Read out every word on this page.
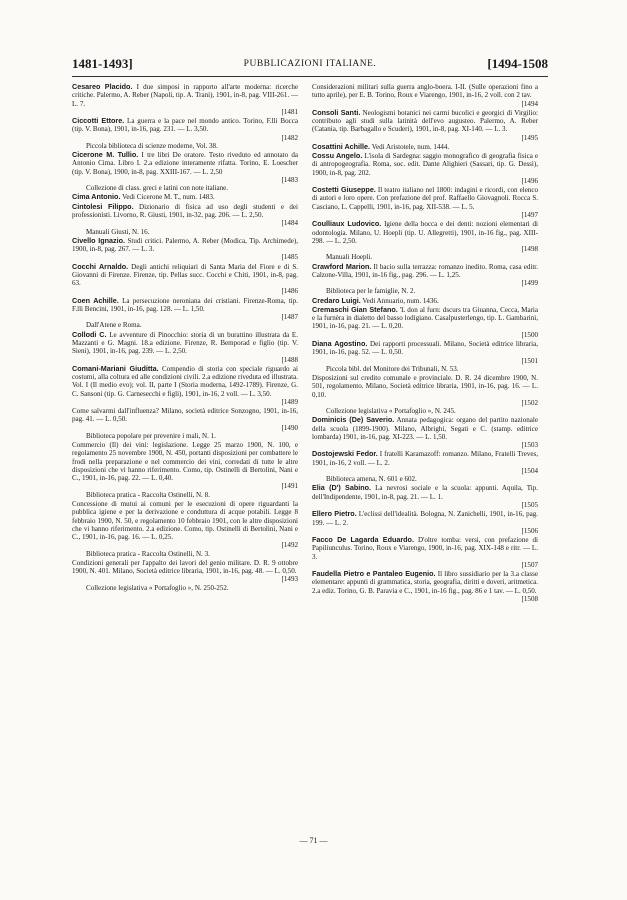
1481-1493]	PUBBLICAZIONI ITALIANE.	[1494-1508
Cesareo Placido. I due simposi in rapporto all'arte moderna: ricerche critiche. Palermo, A. Reber (Napoli, tip. A. Trani), 1901, in-8, pag. VIII-261. — L. 7.
[1481
Ciccotti Ettore. La guerra e la pace nel mondo antico. Torino, F.lli Bocca (tip. V. Bona), 1901, in-16, pag. 231. — L. 3,50.
[1482
Piccola biblioteca di scienze moderne, Vol. 38.
Cicerone M. Tullio. I tre libri De oratore. Testo riveduto ed annotato da Antonio Cima. Libro I. 2.a edizione interamente rifatta. Torino, E. Loescher (tip. V. Bona), 1900, in-8, pag. XXIII-167. — L. 2,50
[1483
Collezione di class. greci e latini con note italiane.
Cima Antonio. Vedi Cicerone M. T., num. 1483.
Cintolesi Filippo. Dizionario di fisica ad uso degli studenti e dei professionisti. Livorno, R. Giusti, 1901, in-32, pag. 206. — L. 2,50.
[1484
Manuali Giusti, N. 16.
Civello Ignazio. Studi critici. Palermo, A. Reber (Modica, Tip. Archimede), 1900, in-8, pag. 267. — L. 3.
[1485
Cocchi Arnaldo. Degli antichi reliquiari di Santa Maria del Fiore e di S. Giovanni di Firenze. Firenze, tip. Pellas succ. Cocchi e Chiti, 1901, in-8, pag. 63.
[1486
Coen Achille. La persecuzione neroniana dei cristiani. Firenze-Roma, tip. F.lli Bencini, 1901, in-16, pag. 128. — L. 1,50.
[1487
Dall'Atene e Roma.
Collodi C. Le avventure di Pinocchio: storia di un burattino illustrata da E. Mazzanti e G. Magni. 18.a edizione. Firenze, R. Bemporad e figlio (tip. V. Sieni), 1901, in-16, pag. 239. — L. 2,50.
[1488
Comani-Mariani Giuditta. Compendio di storia con speciale riguardo ai costumi, alla coltura ed alle condizioni civili. 2.a edizione riveduta ed illustrata. Vol. I (Il medio evo); vol. II, parte I (Storia moderna, 1492-1789). Firenze, G. C. Sansoni (tip. G. Carnesecchi e figli), 1901, in-16, 2 voll. — L. 3,50.
[1489
Come salvarmi dall'influenza? Milano, società editrice Sonzogno, 1901, in-16, pag. 41. — L. 0,50.
[1490
Biblioteca popolare per prevenire i mali, N. 1.
Commercio (Il) dei vini: legislazione. Legge 25 marzo 1900, N. 100, e regolamento 25 novembre 1900, N. 450, portanti disposizioni per combattere le frodi nella preparazione e nel commercio dei vini, corredati di tutte le altre disposizioni che vi hanno riferimento. Como, tip. Ostinelli di Bertolini, Nani e C., 1901, in-16, pag. 22. — L. 0,40.
[1491
Biblioteca pratica - Raccolta Ostinelli, N. 8.
Concessione di mutui ai comuni per le esecuzioni di opere riguardanti la pubblica igiene e per la derivazione e conduttura di acque potabili. Legge 8 febbraio 1900, N. 50, e regolamento 10 febbraio 1901, con le altre disposizioni che vi hanno riferimento. 2.a edizione. Como, tip. Ostinelli di Bertolini, Nani e C., 1901, in-16, pag. 16. — L. 0,25.
[1492
Biblioteca pratica - Raccolta Ostinelli, N. 3.
Condizioni generali per l'appalto dei lavori del genio militare. D. R. 9 ottobre 1900, N. 401. Milano, Società editrice libraria, 1901, in-16, pag. 48. — L. 0,50.
[1493
Collezione legislativa « Portafoglio », N. 250-252.
Considerazioni militari sulla guerra anglo-boera. I-II. (Sulle operazioni fino a tutto aprile), per E. B. Torino, Roux e Viarengo, 1901, in-16, 2 voll. con 2 tav.
[1494
Consoli Santi. Neologismi botanici nei carmi bucolici e georgici di Virgilio: contributo agli studi sulla latinità dell'evo augusteo. Palermo, A. Reber (Catania, tip. Barbagallo e Scuderi), 1901, in-8, pag. XI-140. — L. 3.
[1495
Cosattini Achille. Vedi Aristotele, num. 1444.
Cossu Angelo. L'isola di Sardegna: saggio monografico di geografia fisica e di antropogeografia. Roma, soc. edit. Dante Alighieri (Sassari, tip. G. Dessì), 1900, in-8, pag. 202.
[1496
Costetti Giuseppe. Il teatro italiano nel 1800: indagini e ricordi, con elenco di autori e loro opere. Con prefazione del prof. Raffaello Giovagnoli. Rocca S. Casciano, L. Cappelli, 1901, in-16, pag. XII-538. — L. 5.
[1497
Coulliaux Ludovico. Igiene della bocca e dei denti: nozioni elementari di odontologia. Milano, U. Hoepli (tip. U. Allegretti), 1901, in-16 fig., pag. XIII-298. — L. 2,50.
[1498
Manuali Hoepli.
Crawford Marion. Il bacio sulla terrazza: romanzo inedito. Roma, casa editr. Calzone-Villa, 1901, in-16 fig., pag. 296. — L. 1,25.
[1499
Biblioteca per le famiglie, N. 2.
Credaro Luigi. Vedi Annuario, num. 1436.
Cremaschi Gian Stefano. 'L don al furn: dscurs tra Giuanna, Cecca, Maria e la furnèra in dialetto del basso lodigiano. Casalpusterlengo, tip. L. Gambarini, 1901, in-16, pag. 21. — L. 0,20.
[1500
Diana Agostino. Dei rapporti processuali. Milano, Società editrice libraria, 1901, in-16, pag. 52. — L. 0,50.
[1501
Piccola bibl. del Monitore dei Tribunali, N. 53.
Disposizioni sul credito comunale e provinciale. D. R. 24 dicembre 1900, N. 501, regolamento. Milano, Società editrice libraria, 1901, in-16, pag. 16. — L. 0,10.
[1502
Collezione legislativa « Portafoglio », N. 245.
Dominicis (De) Saverio. Annata pedagogica: organo del partito nazionale della scuola (1899-1900). Milano, Albrighi, Segati e C. (stamp. editrice lombarda) 1901, in-16, pag. XI-223. — L. 1,50.
[1503
Dostojewski Fedor. I fratelli Karamazoff: romanzo. Milano, Fratelli Treves, 1901, in-16, 2 voll. — L. 2.
[1504
Biblioteca amena, N. 601 e 602.
Elia (D') Sabino. La nevrosi sociale e la scuola: appunti. Aquila, Tip. dell'Indipendente, 1901, in-8, pag. 21. — L. 1.
[1505
Ellero Pietro. L'eclissi dell'idealità. Bologna, N. Zanichelli, 1901, in-16, pag. 199. — L. 2.
[1506
Facco De Lagarda Eduardo. D'oltre tomba: versi, con prefazione di Papiliunculus. Torino, Roux e Viarengo, 1900, in-16, pag. XIX-148 e ritr. — L. 3.
[1507
Faudella Pietro e Pantaleo Eugenio. Il libro sussidiario per la 3.a classe elementare: appunti di grammatica, storia, geografia, diritti e doveri, aritmetica. 2.a ediz. Torino, G. B. Paravia e C., 1901, in-16 fig., pag. 86 e 1 tav. — L. 0,50.
[1508
— 71 —
